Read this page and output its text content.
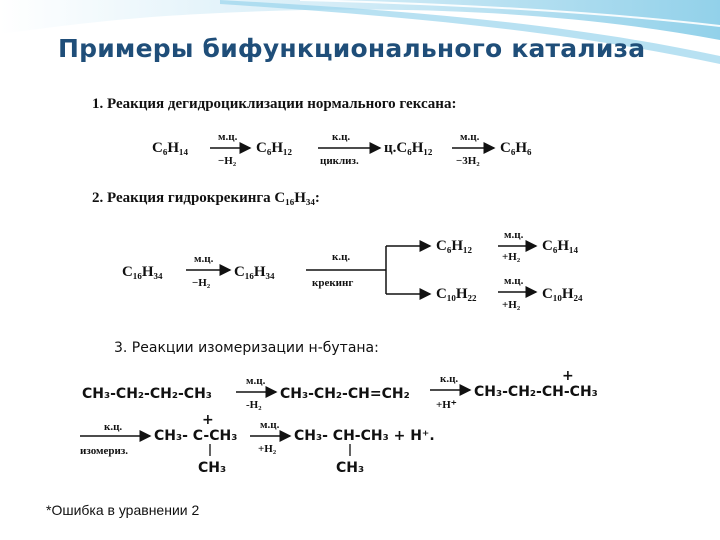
Примеры бифункционального катализа
1. Реакция дегидроциклизации нормального гексана:
C₆H₁₄
м.ц.
−H₂
C₆H₁₂
к.ц.
циклиз.
ц.C₆H₁₂
м.ц.
−3H₂
C₆H₆
2. Реакция гидрокрекинга C₁₆H₃₄:
C₁₆H₃₄
м.ц.
−H₂
C₁₆H₃₄
к.ц.
крекинг
C₆H₁₂
м.ц.
+H₂
C₆H₁₄
C₁₀H₂₂
м.ц.
+H₂
C₁₀H₂₄
3. Реакции изомеризации н-бутана:
CH₃-CH₂-CH₂-CH₃
м.ц.
-H₂
CH₃-CH₂-CH=CH₂
к.ц.
+H⁺
CH₃-CH₂-CH-CH₃
+
к.ц.
изомериз.
CH₃- C-CH₃
+
CH₃
м.ц.
+H₂
CH₃- CH-CH₃ + H⁺.
CH₃
*Ошибка в уравнении 2
